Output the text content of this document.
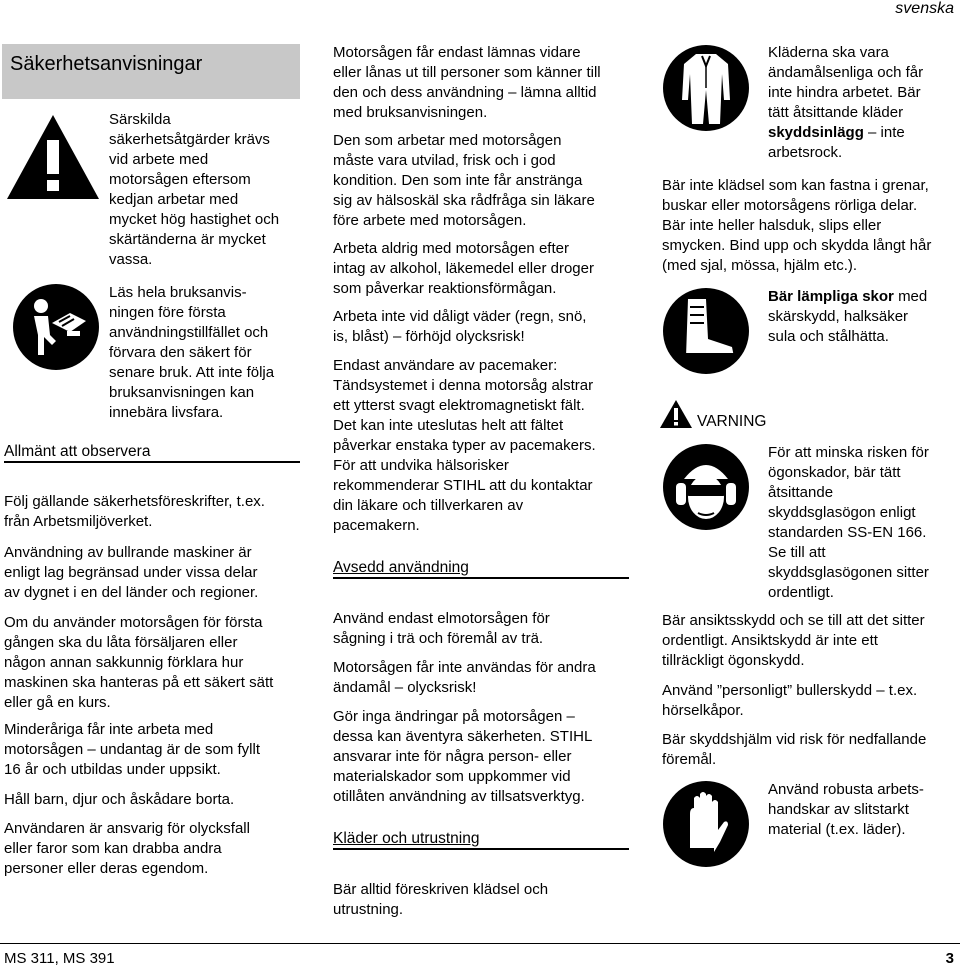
svenska
Säkerhetsanvisningar
Särskilda
säkerhetsåtgärder krävs
vid arbete med
motorsågen eftersom
kedjan arbetar med
mycket hög hastighet och
skärtänderna är mycket
vassa.
Läs hela bruksanvis-
ningen före första
användningstillfället och
förvara den säkert för
senare bruk. Att inte följa
bruksanvisningen kan
innebära livsfara.
Allmänt att observera
Följ gällande säkerhetsföreskrifter, t.ex.
från Arbetsmiljöverket.
Användning av bullrande maskiner är
enligt lag begränsad under vissa delar
av dygnet i en del länder och regioner.
Om du använder motorsågen för första
gången ska du låta försäljaren eller
någon annan sakkunnig förklara hur
maskinen ska hanteras på ett säkert sätt
eller gå en kurs.
Minderåriga får inte arbeta med
motorsågen – undantag är de som fyllt
16 år och utbildas under uppsikt.
Håll barn, djur och åskådare borta.
Användaren är ansvarig för olycksfall
eller faror som kan drabba andra
personer eller deras egendom.
Motorsågen får endast lämnas vidare
eller lånas ut till personer som känner till
den och dess användning – lämna alltid
med bruksanvisningen.
Den som arbetar med motorsågen
måste vara utvilad, frisk och i god
kondition. Den som inte får anstränga
sig av hälsoskäl ska rådfråga sin läkare
före arbete med motorsågen.
Arbeta aldrig med motorsågen efter
intag av alkohol, läkemedel eller droger
som påverkar reaktionsförmågan.
Arbeta inte vid dåligt väder (regn, snö,
is, blåst) – förhöjd olycksrisk!
Endast användare av pacemaker:
Tändsystemet i denna motorsåg alstrar
ett ytterst svagt elektromagnetiskt fält.
Det kan inte uteslutas helt att fältet
påverkar enstaka typer av pacemakers.
För att undvika hälsorisker
rekommenderar STIHL att du kontaktar
din läkare och tillverkaren av
pacemakern.
Avsedd användning
Använd endast elmotorsågen för
sågning i trä och föremål av trä.
Motorsågen får inte användas för andra
ändamål – olycksrisk!
Gör inga ändringar på motorsågen –
dessa kan äventyra säkerheten. STIHL
ansvarar inte för några person- eller
materialskador som uppkommer vid
otillåten användning av tillsatsverktyg.
Kläder och utrustning
Bär alltid föreskriven klädsel och
utrustning.
Kläderna ska vara
ändamålsenliga och får
inte hindra arbetet. Bär
tätt åtsittande kläder
skyddsinlägg – inte
arbetsrock.
Bär inte klädsel som kan fastna i grenar,
buskar eller motorsågens rörliga delar.
Bär inte heller halsduk, slips eller
smycken. Bind upp och skydda långt hår
(med sjal, mössa, hjälm etc.).
Bär lämpliga skor med
skärskydd, halksäker
sula och stålhätta.
VARNING
För att minska risken för
ögonskador, bär tätt
åtsittande
skyddsglasögon enligt
standarden SS-EN 166.
Se till att
skyddsglasögonen sitter
ordentligt.
Bär ansiktsskydd och se till att det sitter
ordentligt. Ansiktskydd är inte ett
tillräckligt ögonskydd.
Använd ”personligt” bullerskydd – t.ex.
hörselkåpor.
Bär skyddshjälm vid risk för nedfallande
föremål.
Använd robusta arbets-
handskar av slitstarkt
material (t.ex. läder).
MS 311, MS 391	3
